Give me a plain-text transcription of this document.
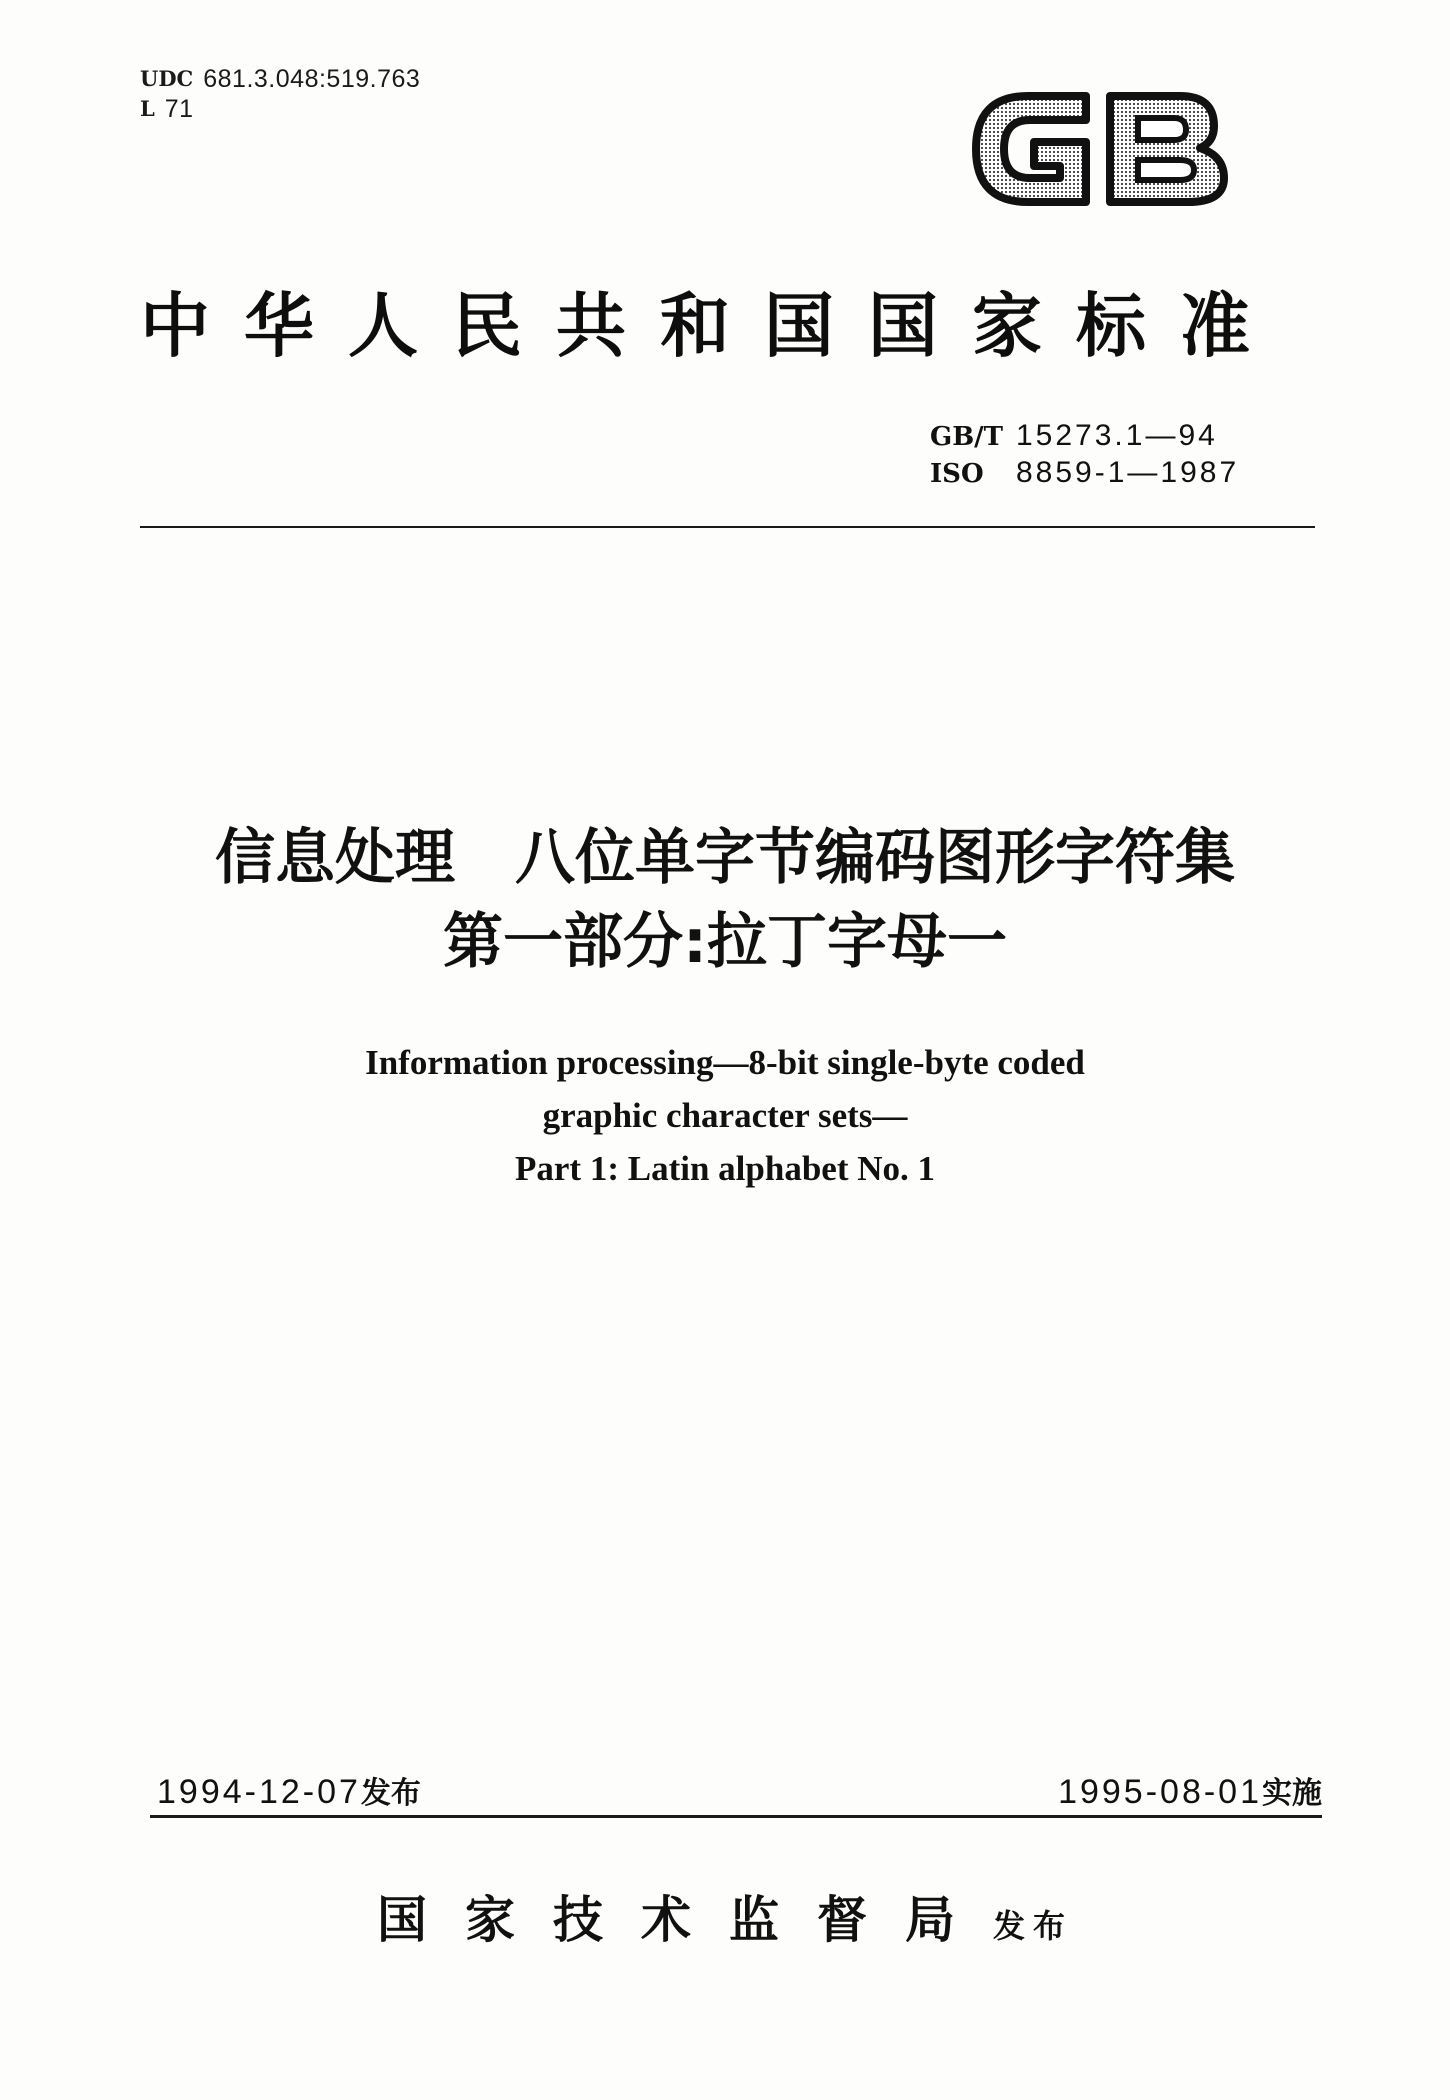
UDC 681.3.048:519.763
L 71
中华人民共和国国家标准
GB/T 15273.1—94
ISO	8859-1—1987
信息处理　八位单字节编码图形字符集
第一部分:拉丁字母一
Information processing—8-bit single-byte coded
graphic character sets—
Part 1: Latin alphabet No. 1
1994-12-07发布	1995-08-01实施
国家技术监督局发布
